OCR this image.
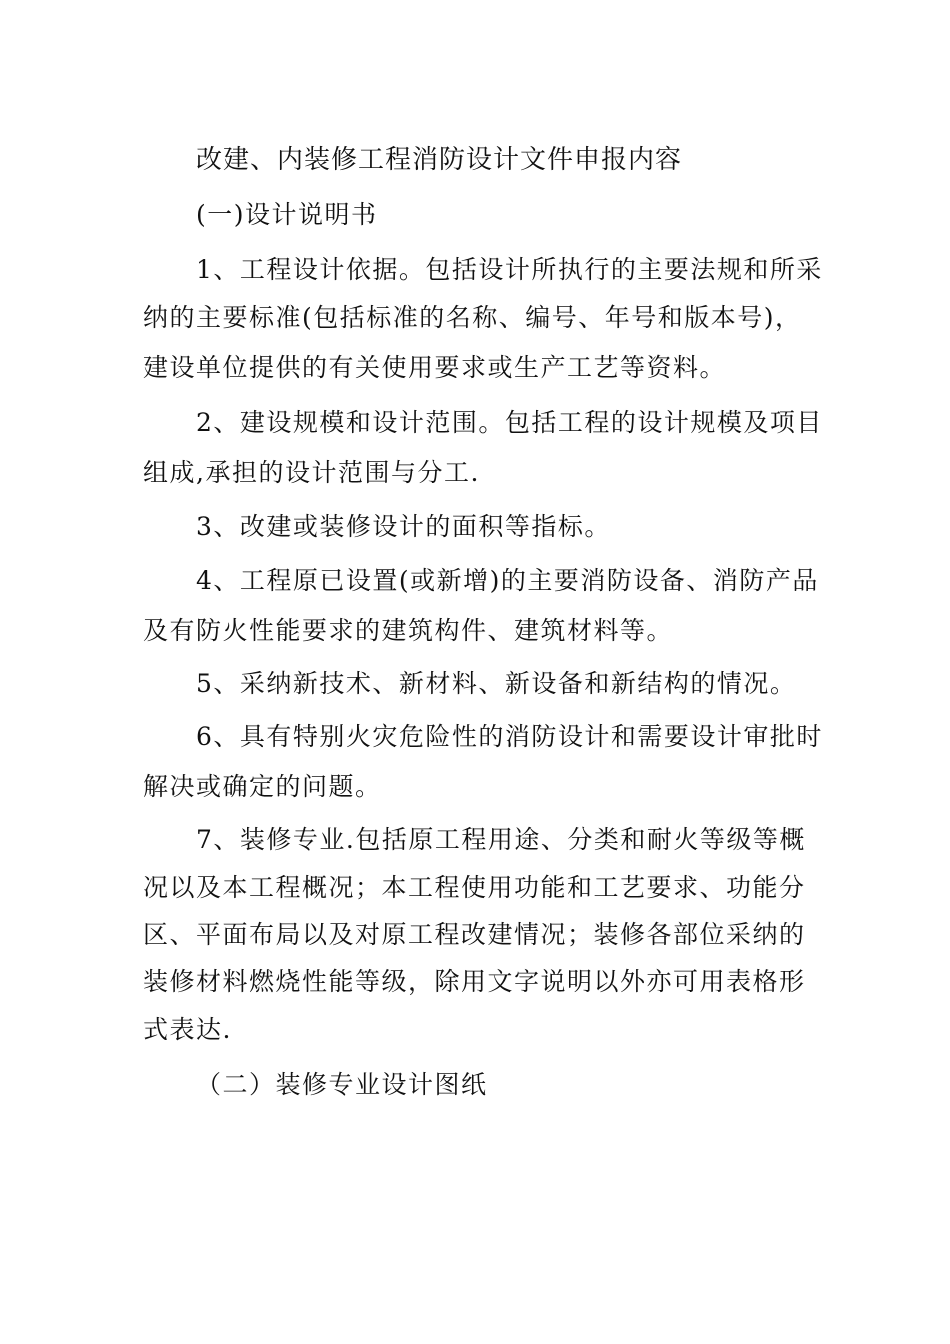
改建、内装修工程消防设计文件申报内容
(一)设计说明书
1、工程设计依据。包括设计所执行的主要法规和所采
纳的主要标准(包括标准的名称、编号、年号和版本号)，
建设单位提供的有关使用要求或生产工艺等资料。
2、建设规模和设计范围。包括工程的设计规模及项目
组成,承担的设计范围与分工.
3、改建或装修设计的面积等指标。
4、工程原已设置(或新增)的主要消防设备、消防产品
及有防火性能要求的建筑构件、建筑材料等。
5、采纳新技术、新材料、新设备和新结构的情况。
6、具有特别火灾危险性的消防设计和需要设计审批时
解决或确定的问题。
7、装修专业.包括原工程用途、分类和耐火等级等概
况以及本工程概况；本工程使用功能和工艺要求、功能分
区、平面布局以及对原工程改建情况；装修各部位采纳的
装修材料燃烧性能等级，除用文字说明以外亦可用表格形
式表达.
（二）装修专业设计图纸
